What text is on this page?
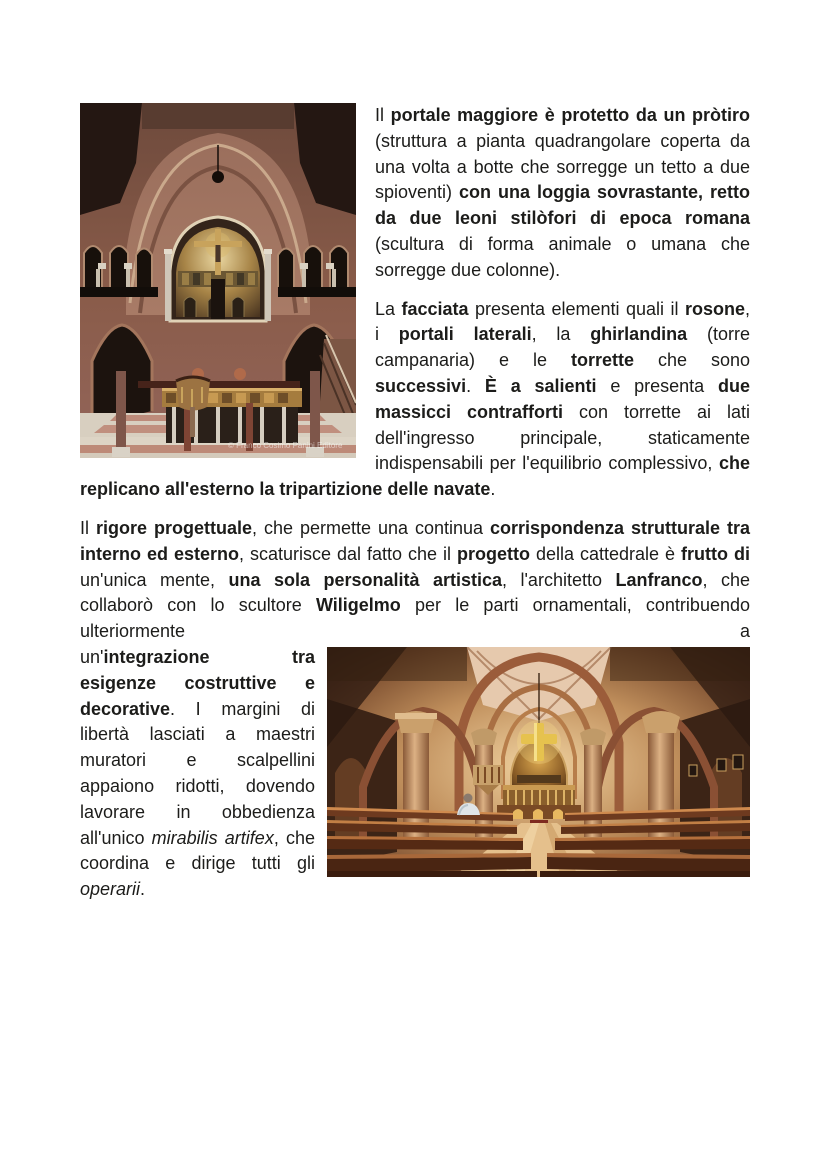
© Franco Cosimo Panini Editore

Il portale maggiore è protetto da un pròtiro (struttura a pianta quadrangolare coperta da una volta a botte che sorregge un tetto a due spioventi) con una loggia sovrastante, retto da due leoni stilòfori di epoca romana (scultura di forma animale o umana che sorregge due colonne).

La facciata presenta elementi quali il rosone, i portali laterali, la ghirlandina (torre campanaria) e le torrette che sono successivi. È a salienti e presenta due massicci contrafforti con torrette ai lati dell'ingresso principale, staticamente indispensabili per l'equilibrio complessivo, che replicano all'esterno la tripartizione delle navate.

Il rigore progettuale, che permette una continua corrispondenza strutturale tra interno ed esterno, scaturisce dal fatto che il progetto della cattedrale è frutto di un'unica mente, una sola personalità artistica, l'architetto Lanfranco, che collaborò con lo scultore Wiligelmo per le parti ornamentali, contribuendo ulteriormente a

un'integrazione tra esigenze costruttive e decorative. I margini di libertà lasciati a maestri muratori e scalpellini appaiono ridotti, dovendo lavorare in obbedienza all'unico mirabilis artifex, che coordina e dirige tutti gli operarii.
